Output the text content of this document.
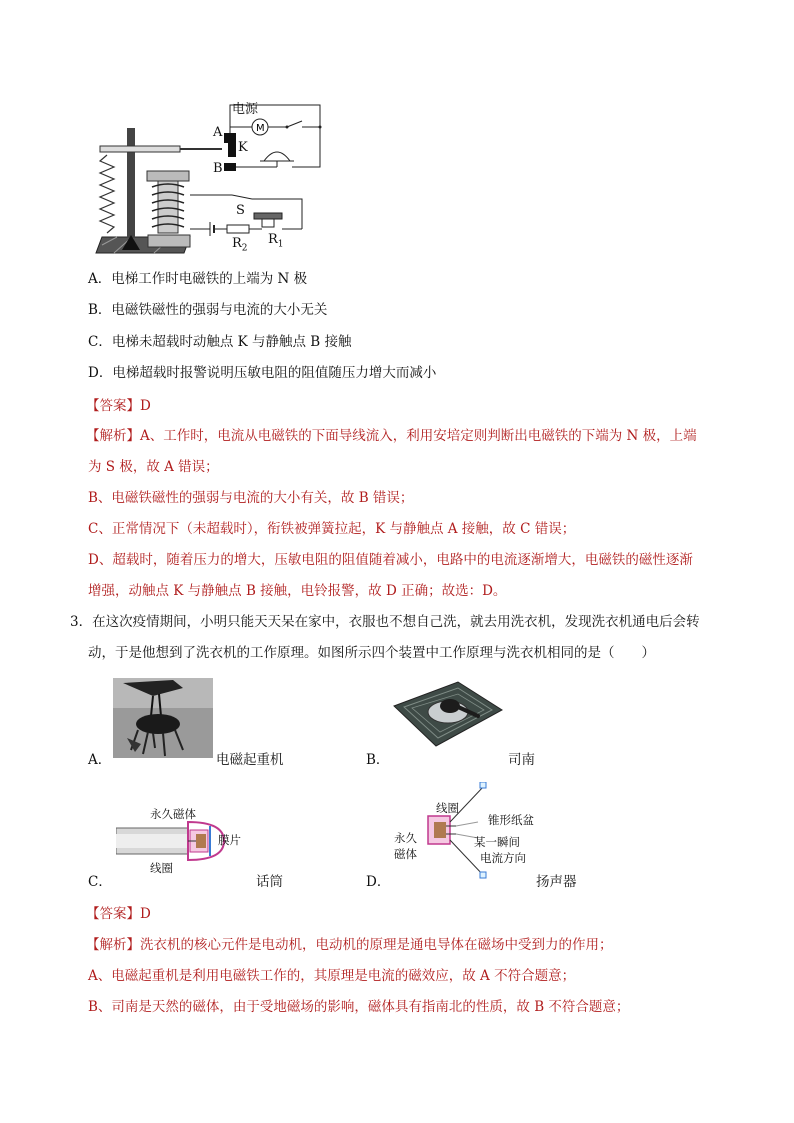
M
电源
A
K
B
S
$R_1$
$R_2$
A．电梯工作时电磁铁的上端为 N 极
B．电磁铁磁性的强弱与电流的大小无关
C．电梯未超载时动触点 K 与静触点 B 接触
D．电梯超载时报警说明压敏电阻的阻值随压力增大而减小
【答案】D
【解析】A、工作时，电流从电磁铁的下面导线流入，利用安培定则判断出电磁铁的下端为 N 极，上端
为 S 极，故 A 错误；
B、电磁铁磁性的强弱与电流的大小有关，故 B 错误；
C、正常情况下（未超载时），衔铁被弹簧拉起，K 与静触点 A 接触，故 C 错误；
D、超载时，随着压力的增大，压敏电阻的阻值随着减小，电路中的电流逐渐增大，电磁铁的磁性逐渐
增强，动触点 K 与静触点 B 接触，电铃报警，故 D 正确；故选：D。
3．在这次疫情期间，小明只能天天呆在家中，衣服也不想自己洗，就去用洗衣机，发现洗衣机通电后会转
动，于是他想到了洗衣机的工作原理。如图所示四个装置中工作原理与洗衣机相同的是（　　）
A．	电磁起重机	B．	司南
C．
永久磁体
膜片
线圈
话筒	D．
线圈
锥形纸盆
永久
磁体
某一瞬间
电流方向
扬声器
【答案】D
【解析】洗衣机的核心元件是电动机，电动机的原理是通电导体在磁场中受到力的作用；
A、电磁起重机是利用电磁铁工作的，其原理是电流的磁效应，故 A 不符合题意；
B、司南是天然的磁体，由于受地磁场的影响，磁体具有指南北的性质，故 B 不符合题意；
